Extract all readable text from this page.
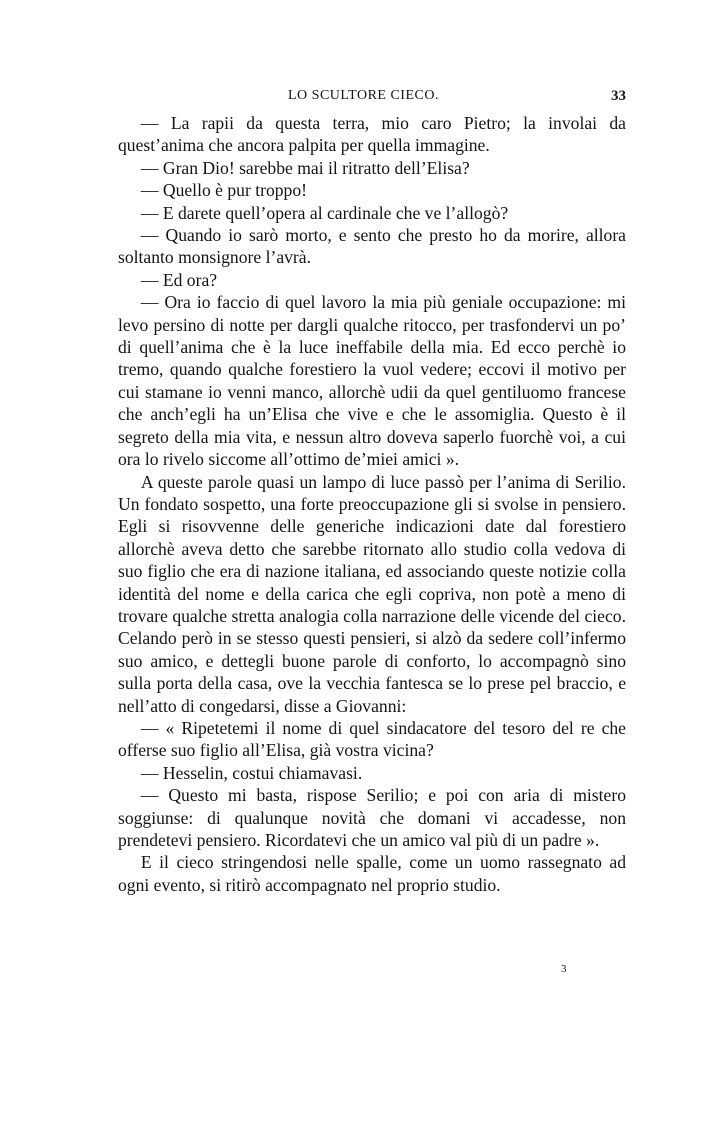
LO SCULTORE CIECO.	33

— La rapii da questa terra, mio caro Pietro; la involai da quest’anima che ancora palpita per quella immagine.

— Gran Dio! sarebbe mai il ritratto dell’Elisa?

— Quello è pur troppo!

— E darete quell’opera al cardinale che ve l’allogò?

— Quando io sarò morto, e sento che presto ho da morire, allora soltanto monsignore l’avrà.

— Ed ora?

— Ora io faccio di quel lavoro la mia più geniale occupazione: mi levo persino di notte per dargli qualche ritocco, per trasfondervi un po’ di quell’anima che è la luce ineffabile della mia. Ed ecco perchè io tremo, quando qualche forestiero la vuol vedere; eccovi il motivo per cui stamane io venni manco, allorchè udii da quel gentiluomo francese che anch’egli ha un’Elisa che vive e che le assomiglia. Questo è il segreto della mia vita, e nessun altro doveva saperlo fuorchè voi, a cui ora lo rivelo siccome all’ottimo de’miei amici ».

A queste parole quasi un lampo di luce passò per l’anima di Serilio. Un fondato sospetto, una forte preoccupazione gli si svolse in pensiero. Egli si risovvenne delle generiche indicazioni date dal forestiero allorchè aveva detto che sarebbe ritornato allo studio colla vedova di suo figlio che era di nazione italiana, ed associando queste notizie colla identità del nome e della carica che egli copriva, non potè a meno di trovare qualche stretta analogia colla narrazione delle vicende del cieco. Celando però in se stesso questi pensieri, si alzò da sedere coll’infermo suo amico, e dettegli buone parole di conforto, lo accompagnò sino sulla porta della casa, ove la vecchia fantesca se lo prese pel braccio, e nell’atto di congedarsi, disse a Giovanni:

— « Ripetetemi il nome di quel sindacatore del tesoro del re che offerse suo figlio all’Elisa, già vostra vicina?

— Hesselin, costui chiamavasi.

— Questo mi basta, rispose Serilio; e poi con aria di mistero soggiunse: di qualunque novità che domani vi accadesse, non prendetevi pensiero. Ricordatevi che un amico val più di un padre ».

E il cieco stringendosi nelle spalle, come un uomo rassegnato ad ogni evento, si ritirò accompagnato nel proprio studio.

3
